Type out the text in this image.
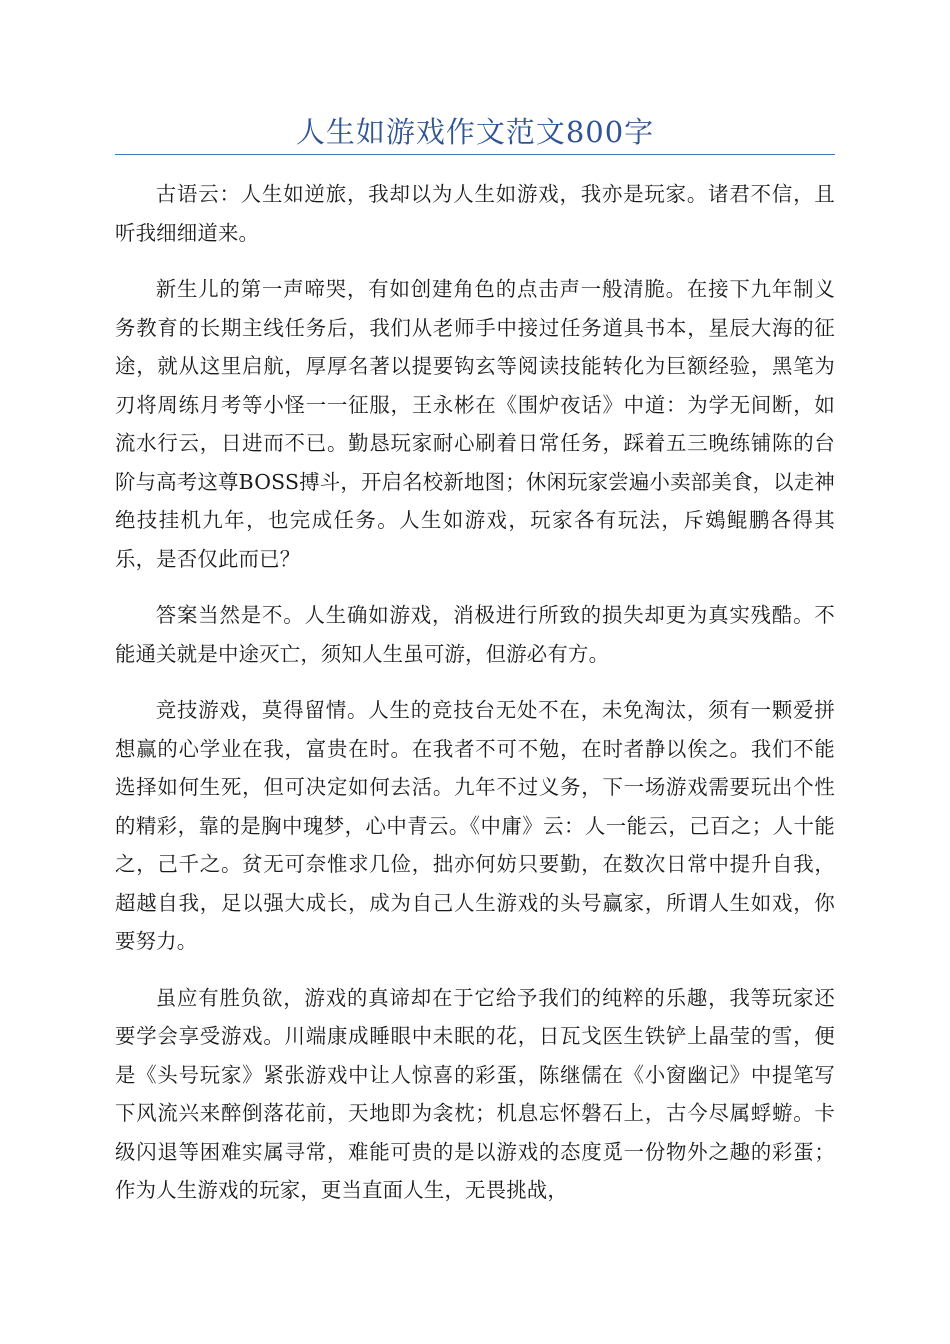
人生如游戏作文范文800字

古语云：人生如逆旅，我却以为人生如游戏，我亦是玩家。诸君不信，且听我细细道来。

新生儿的第一声啼哭，有如创建角色的点击声一般清脆。在接下九年制义务教育的长期主线任务后，我们从老师手中接过任务道具书本，星辰大海的征途，就从这里启航，厚厚名著以提要钩玄等阅读技能转化为巨额经验，黑笔为刃将周练月考等小怪一一征服，王永彬在《围炉夜话》中道：为学无间断，如流水行云，日进而不已。勤恳玩家耐心刷着日常任务，踩着五三晚练铺陈的台阶与高考这尊BOSS搏斗，开启名校新地图；休闲玩家尝遍小卖部美食，以走神绝技挂机九年，也完成任务。人生如游戏，玩家各有玩法，斥鴳鲲鹏各得其乐，是否仅此而已？

答案当然是不。人生确如游戏，消极进行所致的损失却更为真实残酷。不能通关就是中途灭亡，须知人生虽可游，但游必有方。

竞技游戏，莫得留情。人生的竞技台无处不在，未免淘汰，须有一颗爱拼想赢的心学业在我，富贵在时。在我者不可不勉，在时者静以俟之。我们不能选择如何生死，但可决定如何去活。九年不过义务，下一场游戏需要玩出个性的精彩，靠的是胸中瑰梦，心中青云。《中庸》云：人一能云，己百之；人十能之，己千之。贫无可奈惟求几俭，拙亦何妨只要勤，在数次日常中提升自我，超越自我，足以强大成长，成为自己人生游戏的头号赢家，所谓人生如戏，你要努力。

虽应有胜负欲，游戏的真谛却在于它给予我们的纯粹的乐趣，我等玩家还要学会享受游戏。川端康成睡眼中未眠的花，日瓦戈医生铁铲上晶莹的雪，便是《头号玩家》紧张游戏中让人惊喜的彩蛋，陈继儒在《小窗幽记》中提笔写下风流兴来醉倒落花前，天地即为衾枕；机息忘怀磐石上，古今尽属蜉蝣。卡级闪退等困难实属寻常，难能可贵的是以游戏的态度觅一份物外之趣的彩蛋；作为人生游戏的玩家，更当直面人生，无畏挑战，
